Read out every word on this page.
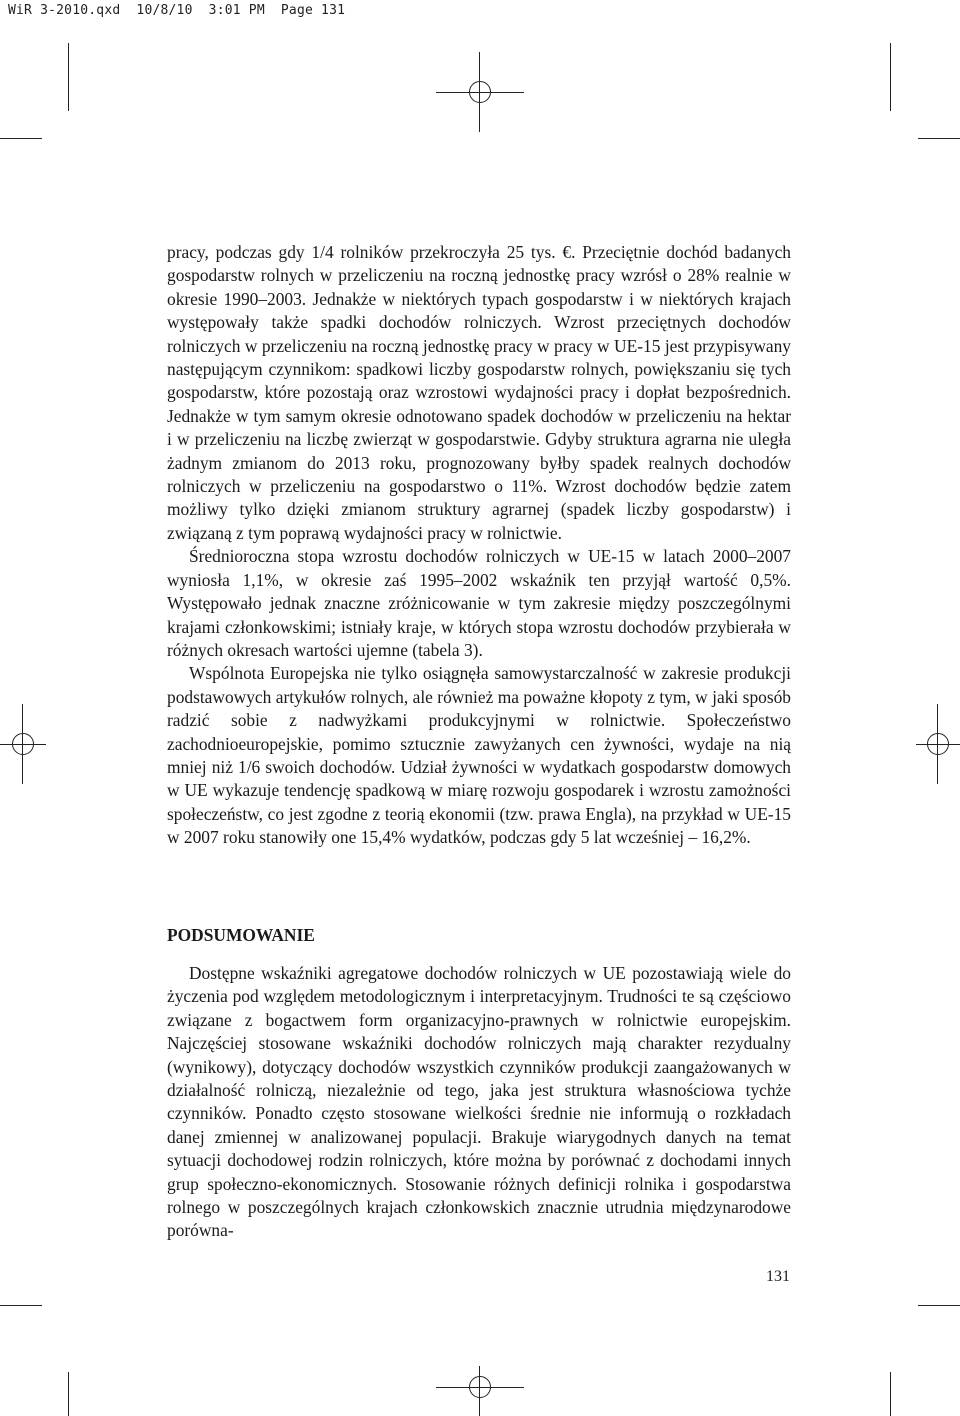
WiR 3-2010.qxd  10/8/10  3:01 PM  Page 131

pracy, podczas gdy 1/4 rolników przekroczyła 25 tys. €. Przeciętnie dochód badanych gospodarstw rolnych w przeliczeniu na roczną jednostkę pracy wzrósł o 28% realnie w okresie 1990–2003. Jednakże w niektórych typach gospodarstw i w niektórych krajach występowały także spadki dochodów rolniczych. Wzrost przeciętnych dochodów rolniczych w przeliczeniu na roczną jednostkę pracy w pracy w UE-15 jest przypisywany następującym czynnikom: spadkowi liczby gospodarstw rolnych, powiększaniu się tych gospodarstw, które pozostają oraz wzrostowi wydajności pracy i dopłat bezpośrednich. Jednakże w tym samym okresie odnotowano spadek dochodów w przeliczeniu na hektar i w przeliczeniu na liczbę zwierząt w gospodarstwie. Gdyby struktura agrarna nie uległa żadnym zmianom do 2013 roku, prognozowany byłby spadek realnych dochodów rolniczych w przeliczeniu na gospodarstwo o 11%. Wzrost dochodów będzie zatem możliwy tylko dzięki zmianom struktury agrarnej (spadek liczby gospodarstw) i związaną z tym poprawą wydajności pracy w rolnictwie.

Średnioroczna stopa wzrostu dochodów rolniczych w UE-15 w latach 2000–2007 wyniosła 1,1%, w okresie zaś 1995–2002 wskaźnik ten przyjął wartość 0,5%. Występowało jednak znaczne zróżnicowanie w tym zakresie między poszczególnymi krajami członkowskimi; istniały kraje, w których stopa wzrostu dochodów przybierała w różnych okresach wartości ujemne (tabela 3).

Wspólnota Europejska nie tylko osiągnęła samowystarczalność w zakresie produkcji podstawowych artykułów rolnych, ale również ma poważne kłopoty z tym, w jaki sposób radzić sobie z nadwyżkami produkcyjnymi w rolnictwie. Społeczeństwo zachodnioeuropejskie, pomimo sztucznie zawyżanych cen żywności, wydaje na nią mniej niż 1/6 swoich dochodów. Udział żywności w wydatkach gospodarstw domowych w UE wykazuje tendencję spadkową w miarę rozwoju gospodarek i wzrostu zamożności społeczeństw, co jest zgodne z teorią ekonomii (tzw. prawa Engla), na przykład w UE-15 w 2007 roku stanowiły one 15,4% wydatków, podczas gdy 5 lat wcześniej – 16,2%.

PODSUMOWANIE

Dostępne wskaźniki agregatowe dochodów rolniczych w UE pozostawiają wiele do życzenia pod względem metodologicznym i interpretacyjnym. Trudności te są częściowo związane z bogactwem form organizacyjno-prawnych w rolnictwie europejskim. Najczęściej stosowane wskaźniki dochodów rolniczych mają charakter rezydualny (wynikowy), dotyczący dochodów wszystkich czynników produkcji zaangażowanych w działalność rolniczą, niezależnie od tego, jaka jest struktura własnościowa tychże czynników. Ponadto często stosowane wielkości średnie nie informują o rozkładach danej zmiennej w analizowanej populacji. Brakuje wiarygodnych danych na temat sytuacji dochodowej rodzin rolniczych, które można by porównać z dochodami innych grup społeczno-ekonomicznych. Stosowanie różnych definicji rolnika i gospodarstwa rolnego w poszczególnych krajach członkowskich znacznie utrudnia międzynarodowe porówna-

131
